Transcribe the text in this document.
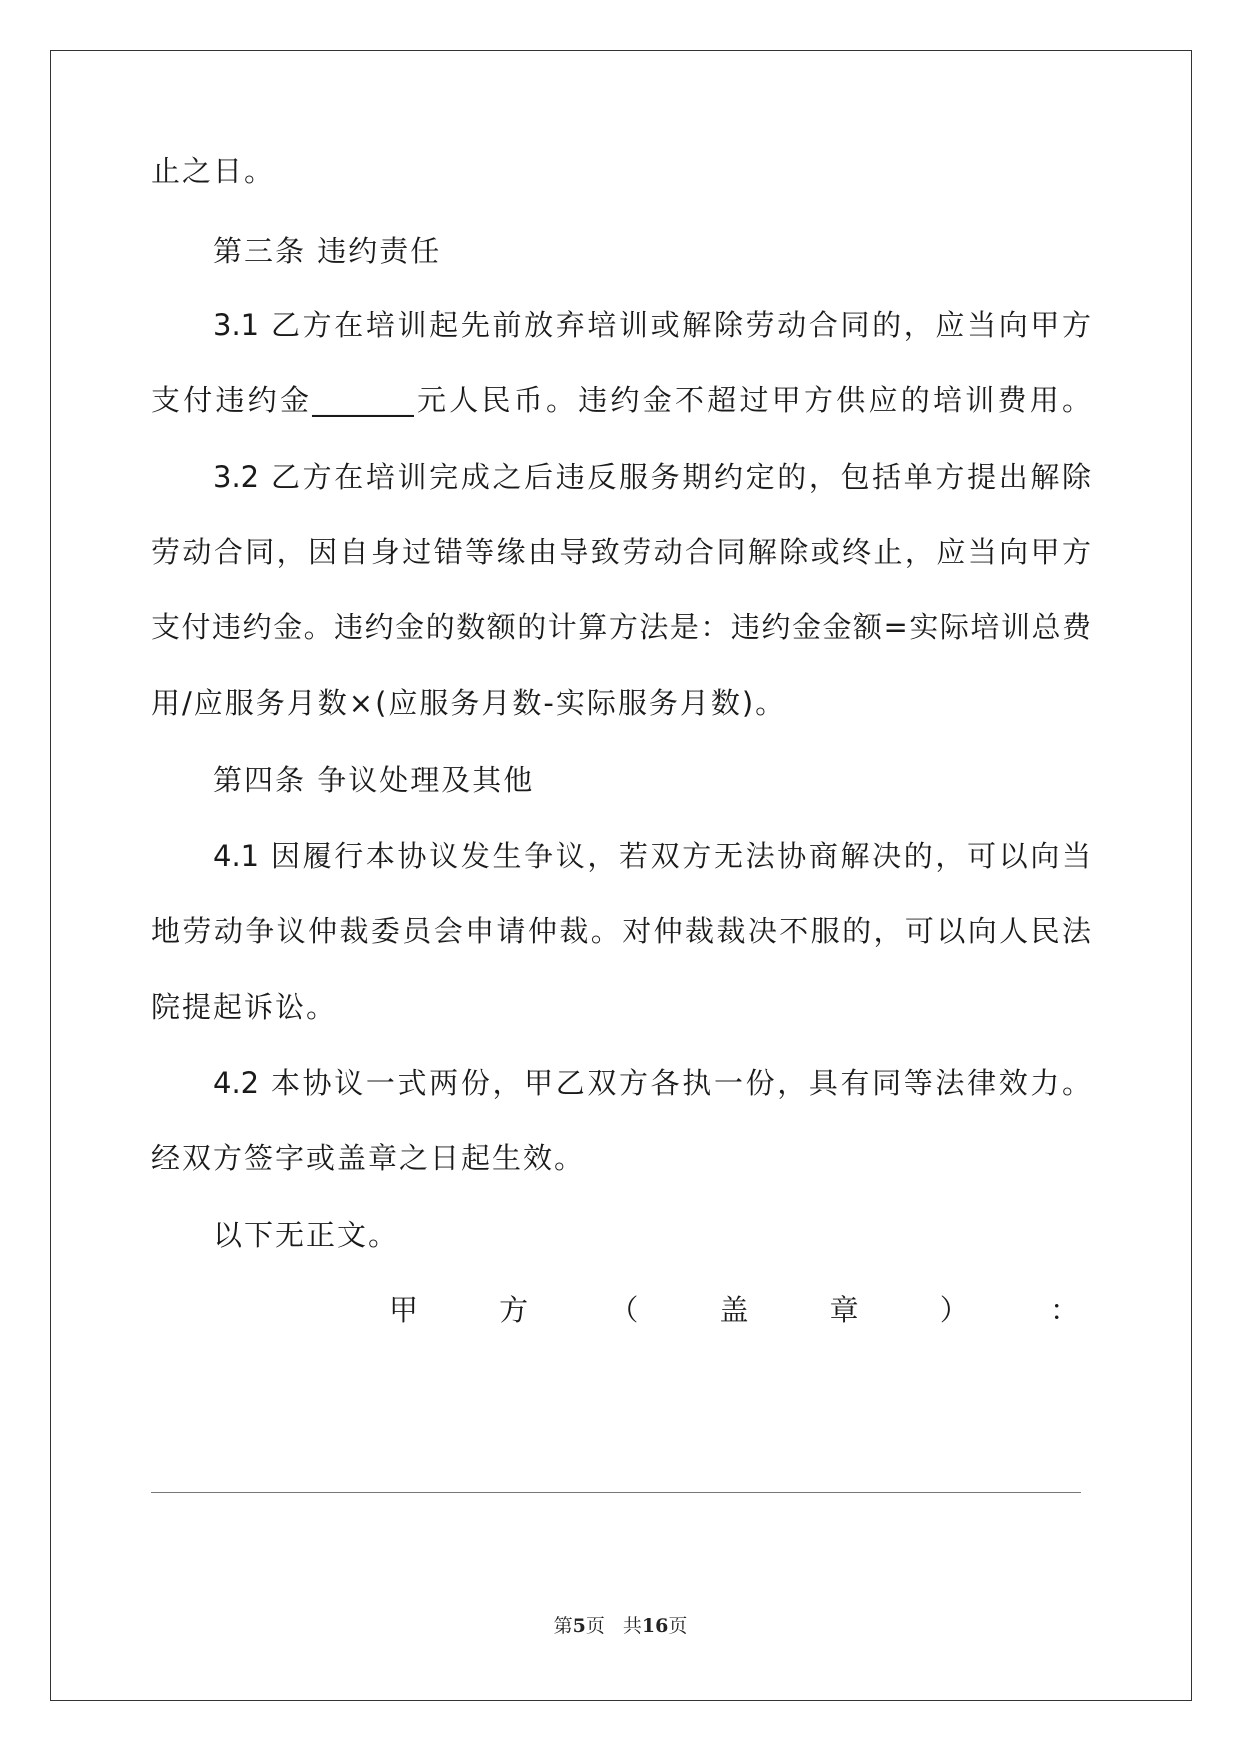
止之日。
第三条 违约责任
3.1 乙方在培训起先前放弃培训或解除劳动合同的，应当向甲方
支付违约金_______元人民币。违约金不超过甲方供应的培训费用。
3.2 乙方在培训完成之后违反服务期约定的，包括单方提出解除
劳动合同，因自身过错等缘由导致劳动合同解除或终止，应当向甲方
支付违约金。违约金的数额的计算方法是：违约金金额=实际培训总费
用/应服务月数×(应服务月数-实际服务月数)。
第四条 争议处理及其他
4.1 因履行本协议发生争议，若双方无法协商解决的，可以向当
地劳动争议仲裁委员会申请仲裁。对仲裁裁决不服的，可以向人民法
院提起诉讼。
4.2 本协议一式两份，甲乙双方各执一份，具有同等法律效力。
经双方签字或盖章之日起生效。
以下无正文。
甲	方	（	盖	章	）	：
第5页 共16页
